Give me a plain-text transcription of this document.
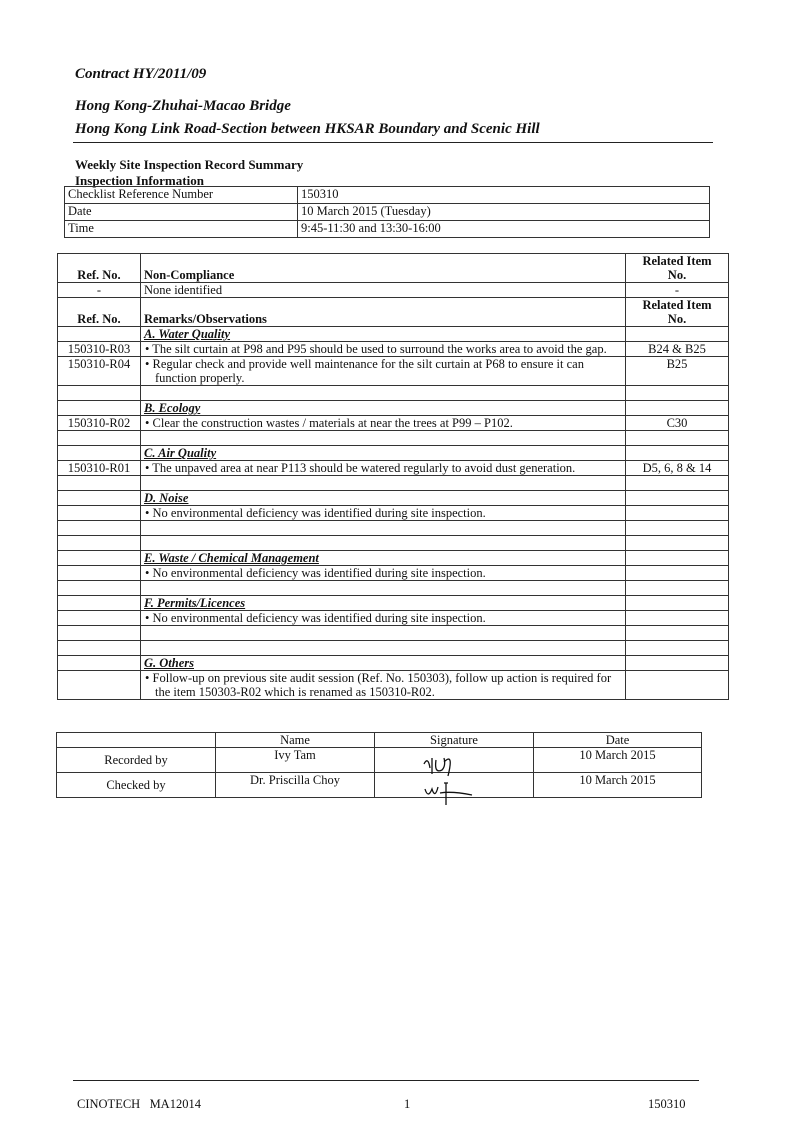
Contract HY/2011/09
Hong Kong-Zhuhai-Macao Bridge
Hong Kong Link Road-Section between HKSAR Boundary and Scenic Hill
Weekly Site Inspection Record Summary
Inspection Information
Checklist Reference Number	150310
Date	10 March 2015 (Tuesday)
Time	9:45-11:30 and 13:30-16:00
Ref. No.	Non-Compliance	Related Item No.
-	None identified	-
Ref. No.	Remarks/Observations	Related Item No.
	A. Water Quality	
150310-R03	• The silt curtain at P98 and P95 should be used to surround the works area to avoid the gap.	B24 & B25
150310-R04	• Regular check and provide well maintenance for the silt curtain at P68 to ensure it can function properly.	B25

	B. Ecology	
150310-R02	• Clear the construction wastes / materials at near the trees at P99 – P102.	C30

	C. Air Quality	
150310-R01	• The unpaved area at near P113 should be watered regularly to avoid dust generation.	D5, 6, 8 & 14

	D. Noise	
	• No environmental deficiency was identified during site inspection.	

	E. Waste / Chemical Management	
	• No environmental deficiency was identified during site inspection.	

	F. Permits/Licences	
	• No environmental deficiency was identified during site inspection.	

	G. Others	
	• Follow-up on previous site audit session (Ref. No. 150303), follow up action is required for the item 150303-R02 which is renamed as 150310-R02.	
	Name	Signature	Date
Recorded by	Ivy Tam		10 March 2015
Checked by	Dr. Priscilla Choy		10 March 2015
CINOTECH   MA12014	1	150310
